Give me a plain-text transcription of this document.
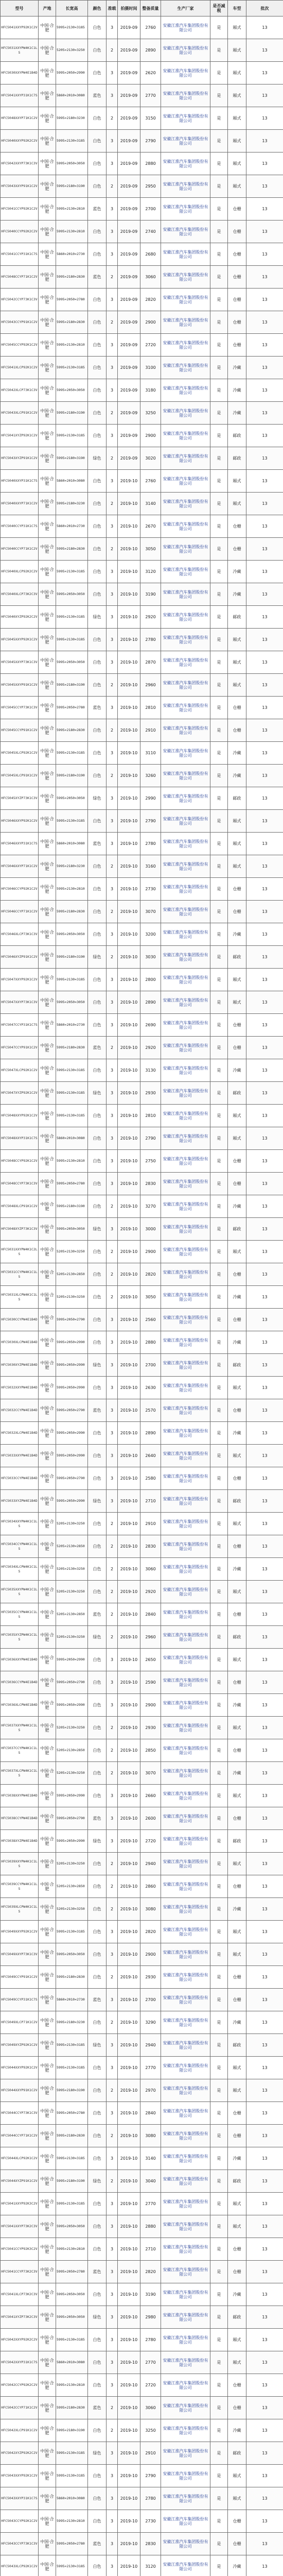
型号	产地	长宽高	颜色	准载	拍摄时间	整备质量	生产厂家	是否减税	车型	批次
HFC5041XXYP92K1C2V	中国·合肥	5995×2130×3185	白色	3	2019-09	2760	安徽江淮汽车集团股份有限公司	是	厢式	13
HFC5031XXYPW4K1C1LS	中国·合肥	5205×2130×3250	白色	2	2019-09	2890	安徽江淮汽车集团股份有限公司	是	厢式	13
HFC5030XXYPW4E1B4D	中国·合肥	5995×2050×2990	白色	3	2019-09	2620	安徽江淮汽车集团股份有限公司	是	厢式	13
HFC5041XXYP31K1C7S	中国·合肥	5860×2010×3080	蓝色	3	2019-09	2770	安徽江淮汽车集团股份有限公司	是	厢式	13
HFC5048XXYP71K1C2V	中国·合肥	5995×2180×3230	白色	2	2019-09	3150	安徽江淮汽车集团股份有限公司	是	厢式	13
HFC5040XXYP92K2C2V	中国·合肥	5995×2130×3185	白色	3	2019-09	2790	安徽江淮汽车集团股份有限公司	是	厢式	13
HFC5042XXYP73K1C3V	中国·合肥	5995×2050×3050	白色	3	2019-09	2880	安徽江淮汽车集团股份有限公司	是	厢式	13
HFC5043XXYP91K1C2V	中国·合肥	5995×2180×3190	白色	2	2019-09	2950	安徽江淮汽车集团股份有限公司	是	厢式	13
HFC5041CCYP92K1C2V	中国·合肥	5995×2130×2810	蓝色	3	2019-09	2700	安徽江淮汽车集团股份有限公司	是	仓栅	13
HFC5040CCYP92K2C2V	中国·合肥	5995×2130×2810	白色	3	2019-09	2740	安徽江淮汽车集团股份有限公司	是	仓栅	13
HFC5041CCYP31K1C7S	中国·合肥	5860×2010×2730	白色	3	2019-09	2680	安徽江淮汽车集团股份有限公司	是	仓栅	13
HFC5048CCYP71K1C2V	中国·合肥	5995×2180×2830	蓝色	2	2019-09	3060	安徽江淮汽车集团股份有限公司	是	仓栅	13
HFC5042CCYP73K1C3V	中国·合肥	5995×2050×2780	白色	3	2019-09	2820	安徽江淮汽车集团股份有限公司	是	仓栅	13
HFC5043CCYP91K1C2V	中国·合肥	5995×2180×2830	白色	2	2019-09	2900	安徽江淮汽车集团股份有限公司	是	仓栅	13
HFC5045CCYP92K1C2V	中国·合肥	5995×2130×2810	白色	3	2019-09	2720	安徽江淮汽车集团股份有限公司	是	仓栅	13
HFC5041XLCP92K1C2V	中国·合肥	5995×2130×3185	白色	3	2019-09	3100	安徽江淮汽车集团股份有限公司	是	冷藏	13
HFC5042XLCP73K1C3V	中国·合肥	5995×2050×3050	白色	3	2019-09	3180	安徽江淮汽车集团股份有限公司	是	冷藏	13
HFC5043XLCP91K1C2V	中国·合肥	5995×2180×3190	白色	2	2019-09	3250	安徽江淮汽车集团股份有限公司	是	冷藏	13
HFC5041XYZP92K1C2V	中国·合肥	5995×2130×3185	白色	3	2019-09	2900	安徽江淮汽车集团股份有限公司	是	邮政	13
HFC5043XYZP91K1C2V	中国·合肥	5995×2180×3190	绿色	2	2019-09	3020	安徽江淮汽车集团股份有限公司	是	邮政	13
HFC5040XXYP31K1C7S	中国·合肥	5860×2010×3080	白色	3	2019-10	2760	安徽江淮汽车集团股份有限公司	是	厢式	13
HFC5040XXYP71K1C2V	中国·合肥	5995×2180×3230	白色	2	2019-10	3140	安徽江淮汽车集团股份有限公司	是	厢式	13
HFC5040CCYP31K1C7S	中国·合肥	5860×2010×2730	白色	3	2019-10	2670	安徽江淮汽车集团股份有限公司	是	仓栅	13
HFC5040CCYP71K1C2V	中国·合肥	5995×2180×2830	白色	2	2019-10	3050	安徽江淮汽车集团股份有限公司	是	仓栅	13
HFC5040XLCP92K2C2V	中国·合肥	5995×2130×3185	白色	3	2019-10	3120	安徽江淮汽车集团股份有限公司	是	冷藏	13
HFC5040XLCP73K2C3V	中国·合肥	5995×2050×3050	白色	3	2019-10	3190	安徽江淮汽车集团股份有限公司	是	冷藏	13
HFC5040XYZP92K2C2V	中国·合肥	5995×2130×3185	绿色	3	2019-10	2920	安徽江淮汽车集团股份有限公司	是	邮政	13
HFC5045XXYP92K1C2V	中国·合肥	5995×2130×3185	白色	3	2019-10	2780	安徽江淮汽车集团股份有限公司	是	厢式	13
HFC5045XXYP73K1C3V	中国·合肥	5995×2050×3050	白色	3	2019-10	2870	安徽江淮汽车集团股份有限公司	是	厢式	13
HFC5045XXYP91K1C2V	中国·合肥	5995×2180×3190	白色	2	2019-10	2960	安徽江淮汽车集团股份有限公司	是	厢式	13
HFC5045CCYP73K1C3V	中国·合肥	5995×2050×2780	蓝色	3	2019-10	2810	安徽江淮汽车集团股份有限公司	是	仓栅	13
HFC5045CCYP91K1C2V	中国·合肥	5995×2180×2830	白色	2	2019-10	2910	安徽江淮汽车集团股份有限公司	是	仓栅	13
HFC5045XLCP92K1C2V	中国·合肥	5995×2130×3185	白色	3	2019-10	3110	安徽江淮汽车集团股份有限公司	是	冷藏	13
HFC5045XLCP91K1C2V	中国·合肥	5995×2180×3190	白色	2	2019-10	3260	安徽江淮汽车集团股份有限公司	是	冷藏	13
HFC5045XYZP73K1C3V	中国·合肥	5995×2050×3050	绿色	3	2019-10	2990	安徽江淮汽车集团股份有限公司	是	邮政	13
HFC5046XXYP92K1C2V	中国·合肥	5995×2130×3185	白色	3	2019-10	2790	安徽江淮汽车集团股份有限公司	是	厢式	13
HFC5046XXYP31K1C7S	中国·合肥	5860×2010×3080	蓝色	3	2019-10	2780	安徽江淮汽车集团股份有限公司	是	厢式	13
HFC5046XXYP71K1C2V	中国·合肥	5995×2180×3230	白色	2	2019-10	3160	安徽江淮汽车集团股份有限公司	是	厢式	13
HFC5046CCYP92K1C2V	中国·合肥	5995×2130×2810	白色	3	2019-10	2730	安徽江淮汽车集团股份有限公司	是	仓栅	13
HFC5046CCYP71K1C2V	中国·合肥	5995×2180×2830	白色	2	2019-10	3070	安徽江淮汽车集团股份有限公司	是	仓栅	13
HFC5046XLCP73K1C3V	中国·合肥	5995×2050×3050	白色	3	2019-10	3200	安徽江淮汽车集团股份有限公司	是	冷藏	13
HFC5046XYZP91K1C2V	中国·合肥	5995×2180×3190	绿色	2	2019-10	3030	安徽江淮汽车集团股份有限公司	是	邮政	13
HFC5047XXYP92K1C2V	中国·合肥	5995×2130×3185	白色	3	2019-10	2800	安徽江淮汽车集团股份有限公司	是	厢式	13
HFC5047XXYP73K1C3V	中国·合肥	5995×2050×3050	白色	3	2019-10	2890	安徽江淮汽车集团股份有限公司	是	厢式	13
HFC5047CCYP31K1C7S	中国·合肥	5860×2010×2730	白色	3	2019-10	2690	安徽江淮汽车集团股份有限公司	是	仓栅	13
HFC5047CCYP91K1C2V	中国·合肥	5995×2180×2830	蓝色	2	2019-10	2920	安徽江淮汽车集团股份有限公司	是	仓栅	13
HFC5047XLCP92K1C2V	中国·合肥	5995×2130×3185	白色	3	2019-10	3130	安徽江淮汽车集团股份有限公司	是	冷藏	13
HFC5047XYZP92K1C2V	中国·合肥	5995×2130×3185	绿色	3	2019-10	2930	安徽江淮汽车集团股份有限公司	是	邮政	13
HFC5048XXYP92K1C2V	中国·合肥	5995×2130×3185	白色	3	2019-10	2810	安徽江淮汽车集团股份有限公司	是	厢式	13
HFC5048XXYP31K1C7S	中国·合肥	5860×2010×3080	白色	3	2019-10	2790	安徽江淮汽车集团股份有限公司	是	厢式	13
HFC5048CCYP92K1C2V	中国·合肥	5995×2130×2810	白色	3	2019-10	2750	安徽江淮汽车集团股份有限公司	是	仓栅	13
HFC5048CCYP73K1C3V	中国·合肥	5995×2050×2780	白色	3	2019-10	2830	安徽江淮汽车集团股份有限公司	是	仓栅	13
HFC5048XLCP91K1C2V	中国·合肥	5995×2180×3190	白色	2	2019-10	3270	安徽江淮汽车集团股份有限公司	是	冷藏	13
HFC5048XYZP73K1C3V	中国·合肥	5995×2050×3050	绿色	3	2019-10	3000	安徽江淮汽车集团股份有限公司	是	邮政	13
HFC5031XXYPW4K1C2LS	中国·合肥	5205×2130×3250	白色	2	2019-10	2900	安徽江淮汽车集团股份有限公司	是	厢式	13
HFC5031CCYPW4K1C1LS	中国·合肥	5205×2130×2850	白色	2	2019-10	2820	安徽江淮汽车集团股份有限公司	是	仓栅	13
HFC5031XLCPW4K1C1LS	中国·合肥	5205×2130×3250	白色	2	2019-10	3050	安徽江淮汽车集团股份有限公司	是	冷藏	13
HFC5030CCYPW4E1B4D	中国·合肥	5995×2050×2790	白色	3	2019-10	2560	安徽江淮汽车集团股份有限公司	是	仓栅	13
HFC5030XLCPW4E1B4D	中国·合肥	5995×2050×2990	白色	3	2019-10	2880	安徽江淮汽车集团股份有限公司	是	冷藏	13
HFC5030XYZPW4E1B4D	中国·合肥	5995×2050×2990	绿色	3	2019-10	2700	安徽江淮汽车集团股份有限公司	是	邮政	13
HFC5032XXYPW4E1B4D	中国·合肥	5995×2050×2990	白色	3	2019-10	2630	安徽江淮汽车集团股份有限公司	是	厢式	13
HFC5032CCYPW4E1B4D	中国·合肥	5995×2050×2790	蓝色	3	2019-10	2570	安徽江淮汽车集团股份有限公司	是	仓栅	13
HFC5032XLCPW4E1B4D	中国·合肥	5995×2050×2990	白色	3	2019-10	2890	安徽江淮汽车集团股份有限公司	是	冷藏	13
HFC5033XXYPW4E1B4D	中国·合肥	5995×2050×2990	白色	3	2019-10	2640	安徽江淮汽车集团股份有限公司	是	厢式	13
HFC5033CCYPW4E1B4D	中国·合肥	5995×2050×2790	白色	3	2019-10	2580	安徽江淮汽车集团股份有限公司	是	仓栅	13
HFC5033XYZPW4E1B4D	中国·合肥	5995×2050×2990	绿色	3	2019-10	2710	安徽江淮汽车集团股份有限公司	是	邮政	13
HFC5034XXYPW4K1C1LS	中国·合肥	5205×2130×3250	白色	2	2019-10	2910	安徽江淮汽车集团股份有限公司	是	厢式	13
HFC5034CCYPW4K1C1LS	中国·合肥	5205×2130×2850	白色	2	2019-10	2830	安徽江淮汽车集团股份有限公司	是	仓栅	13
HFC5034XLCPW4K1C1LS	中国·合肥	5205×2130×3250	白色	2	2019-10	3060	安徽江淮汽车集团股份有限公司	是	冷藏	13
HFC5035XXYPW4K1C1LS	中国·合肥	5205×2130×3250	白色	2	2019-10	2920	安徽江淮汽车集团股份有限公司	是	厢式	13
HFC5035CCYPW4K1C1LS	中国·合肥	5205×2130×2850	蓝色	2	2019-10	2840	安徽江淮汽车集团股份有限公司	是	仓栅	13
HFC5035XYZPW4K1C1LS	中国·合肥	5205×2130×3250	绿色	2	2019-10	2960	安徽江淮汽车集团股份有限公司	是	邮政	13
HFC5036XXYPW4E1B4D	中国·合肥	5995×2050×2990	白色	3	2019-10	2650	安徽江淮汽车集团股份有限公司	是	厢式	13
HFC5036CCYPW4E1B4D	中国·合肥	5995×2050×2790	白色	3	2019-10	2590	安徽江淮汽车集团股份有限公司	是	仓栅	13
HFC5036XLCPW4E1B4D	中国·合肥	5995×2050×2990	白色	3	2019-10	2900	安徽江淮汽车集团股份有限公司	是	冷藏	13
HFC5037XXYPW4K1C1LS	中国·合肥	5205×2130×3250	白色	2	2019-10	2930	安徽江淮汽车集团股份有限公司	是	厢式	13
HFC5037CCYPW4K1C1LS	中国·合肥	5205×2130×2850	白色	2	2019-10	2850	安徽江淮汽车集团股份有限公司	是	仓栅	13
HFC5037XLCPW4K1C1LS	中国·合肥	5205×2130×3250	白色	2	2019-10	3070	安徽江淮汽车集团股份有限公司	是	冷藏	13
HFC5038XXYPW4E1B4D	中国·合肥	5995×2050×2990	白色	3	2019-10	2660	安徽江淮汽车集团股份有限公司	是	厢式	13
HFC5038CCYPW4E1B4D	中国·合肥	5995×2050×2790	蓝色	3	2019-10	2600	安徽江淮汽车集团股份有限公司	是	仓栅	13
HFC5038XYZPW4E1B4D	中国·合肥	5995×2050×2990	绿色	3	2019-10	2720	安徽江淮汽车集团股份有限公司	是	邮政	13
HFC5039XXYPW4K1C1LS	中国·合肥	5205×2130×3250	白色	2	2019-10	2940	安徽江淮汽车集团股份有限公司	是	厢式	13
HFC5039CCYPW4K1C1LS	中国·合肥	5205×2130×2850	白色	2	2019-10	2860	安徽江淮汽车集团股份有限公司	是	仓栅	13
HFC5039XLCPW4K1C1LS	中国·合肥	5205×2130×3250	白色	2	2019-10	3080	安徽江淮汽车集团股份有限公司	是	冷藏	13
HFC5049XXYP92K1C2V	中国·合肥	5995×2130×3185	白色	3	2019-10	2820	安徽江淮汽车集团股份有限公司	是	厢式	13
HFC5049XXYP73K1C3V	中国·合肥	5995×2050×3050	白色	3	2019-10	2900	安徽江淮汽车集团股份有限公司	是	厢式	13
HFC5049CCYP91K1C2V	中国·合肥	5995×2180×2830	白色	2	2019-10	2930	安徽江淮汽车集团股份有限公司	是	仓栅	13
HFC5049CCYP31K1C7S	中国·合肥	5860×2010×2730	蓝色	3	2019-10	2700	安徽江淮汽车集团股份有限公司	是	仓栅	13
HFC5049XLCP71K1C2V	中国·合肥	5995×2180×3230	白色	2	2019-10	3290	安徽江淮汽车集团股份有限公司	是	冷藏	13
HFC5049XYZP92K1C2V	中国·合肥	5995×2130×3185	绿色	3	2019-10	2940	安徽江淮汽车集团股份有限公司	是	邮政	13
HFC5044XXYP92K1C2V	中国·合肥	5995×2130×3185	白色	3	2019-10	2770	安徽江淮汽车集团股份有限公司	是	厢式	13
HFC5044XXYP91K1C2V	中国·合肥	5995×2180×3190	白色	2	2019-10	2970	安徽江淮汽车集团股份有限公司	是	厢式	13
HFC5044CCYP73K1C3V	中国·合肥	5995×2050×2780	白色	3	2019-10	2840	安徽江淮汽车集团股份有限公司	是	仓栅	13
HFC5044CCYP71K1C2V	中国·合肥	5995×2180×2830	白色	2	2019-10	3080	安徽江淮汽车集团股份有限公司	是	仓栅	13
HFC5044XLCP92K1C2V	中国·合肥	5995×2130×3185	白色	3	2019-10	3140	安徽江淮汽车集团股份有限公司	是	冷藏	13
HFC5044XYZP91K1C2V	中国·合肥	5995×2180×3190	绿色	2	2019-10	3040	安徽江淮汽车集团股份有限公司	是	邮政	13
HFC5041XXYP92K3C2V	中国·合肥	5995×2130×3185	白色	3	2019-10	2770	安徽江淮汽车集团股份有限公司	是	厢式	13
HFC5041XXYP73K2C3V	中国·合肥	5995×2050×3050	白色	3	2019-10	2880	安徽江淮汽车集团股份有限公司	是	厢式	13
HFC5041CCYP92K3C2V	中国·合肥	5995×2130×2810	白色	3	2019-10	2710	安徽江淮汽车集团股份有限公司	是	仓栅	13
HFC5041CCYP73K2C3V	中国·合肥	5995×2050×2780	蓝色	3	2019-10	2820	安徽江淮汽车集团股份有限公司	是	仓栅	13
HFC5041XLCP73K2C3V	中国·合肥	5995×2050×3050	白色	3	2019-10	3190	安徽江淮汽车集团股份有限公司	是	冷藏	13
HFC5041XYZP73K2C3V	中国·合肥	5995×2050×3050	绿色	3	2019-10	2980	安徽江淮汽车集团股份有限公司	是	邮政	13
HFC5042XXYP92K2C2V	中国·合肥	5995×2130×3185	白色	3	2019-10	2780	安徽江淮汽车集团股份有限公司	是	厢式	13
HFC5042XXYP31K1C7S	中国·合肥	5860×2010×3080	白色	3	2019-10	2770	安徽江淮汽车集团股份有限公司	是	厢式	13
HFC5042CCYP92K2C2V	中国·合肥	5995×2130×2810	白色	3	2019-10	2720	安徽江淮汽车集团股份有限公司	是	仓栅	13
HFC5042CCYP71K1C2V	中国·合肥	5995×2180×2830	蓝色	2	2019-10	3060	安徽江淮汽车集团股份有限公司	是	仓栅	13
HFC5042XLCP91K1C2V	中国·合肥	5995×2180×3190	白色	2	2019-10	3250	安徽江淮汽车集团股份有限公司	是	冷藏	13
HFC5042XYZP92K2C2V	中国·合肥	5995×2130×3185	绿色	3	2019-10	2910	安徽江淮汽车集团股份有限公司	是	邮政	13
HFC5043XXYP92K1C2V	中国·合肥	5995×2130×3185	白色	3	2019-10	2790	安徽江淮汽车集团股份有限公司	是	厢式	13
HFC5043XXYP31K1C7S	中国·合肥	5860×2010×3080	白色	3	2019-10	2780	安徽江淮汽车集团股份有限公司	是	厢式	13
HFC5043CCYP92K1C2V	中国·合肥	5995×2130×2810	白色	3	2019-10	2730	安徽江淮汽车集团股份有限公司	是	仓栅	13
HFC5043CCYP73K1C3V	中国·合肥	5995×2050×2780	蓝色	3	2019-10	2830	安徽江淮汽车集团股份有限公司	是	仓栅	13
HFC5043XLCP92K1C2V	中国·合肥	5995×2130×3185	白色	3	2019-10	3120	安徽江淮汽车集团股份有限公司	是	冷藏	13
